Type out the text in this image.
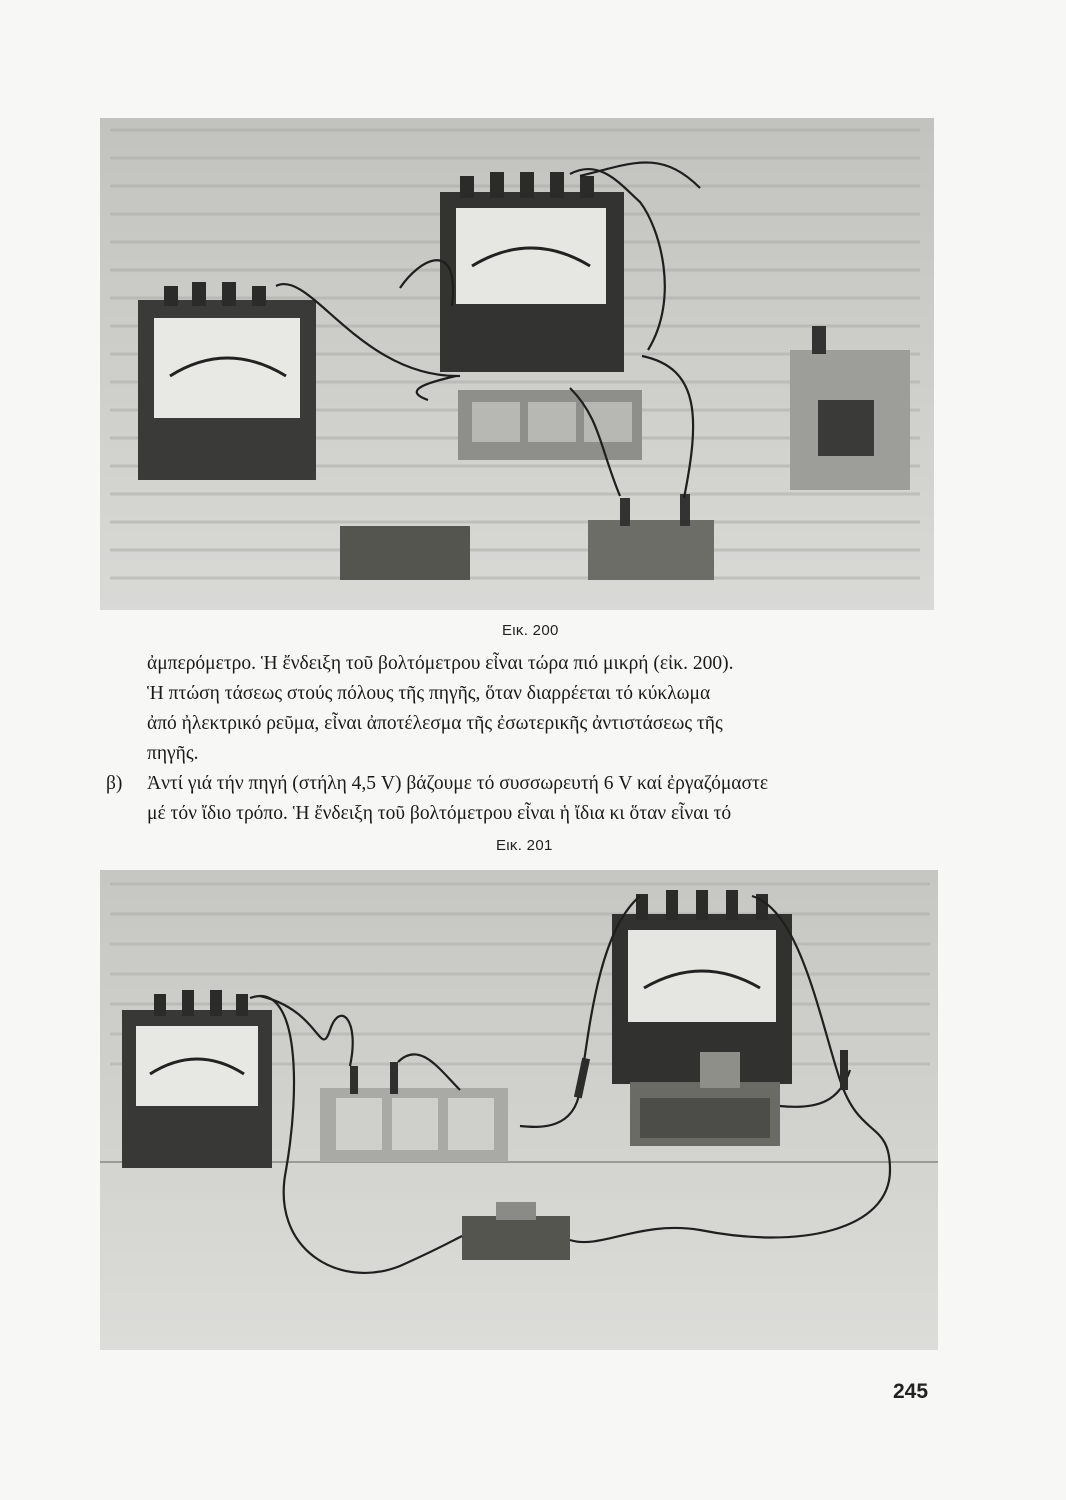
Εικ. 200
ἀμπερόμετρο. Ἡ ἔνδειξη τοῦ βολτόμετρου εἶναι τώρα πιό μικρή (εἰκ. 200).
Ἡ πτώση τάσεως στούς πόλους τῆς πηγῆς, ὅταν διαρρέεται τό κύκλωμα
ἀπό ἠλεκτρικό ρεῦμα, εἶναι ἀποτέλεσμα τῆς ἐσωτερικῆς ἀντιστάσεως τῆς
πηγῆς.
β) Ἀντί γιά τήν πηγή (στήλη 4,5 V) βάζουμε τό συσσωρευτή 6 V καί ἐργαζόμαστε
μέ τόν ἴδιο τρόπο. Ἡ ἔνδειξη τοῦ βολτόμετρου εἶναι ἡ ἴδια κι ὅταν εἶναι τό
Εικ. 201
245
